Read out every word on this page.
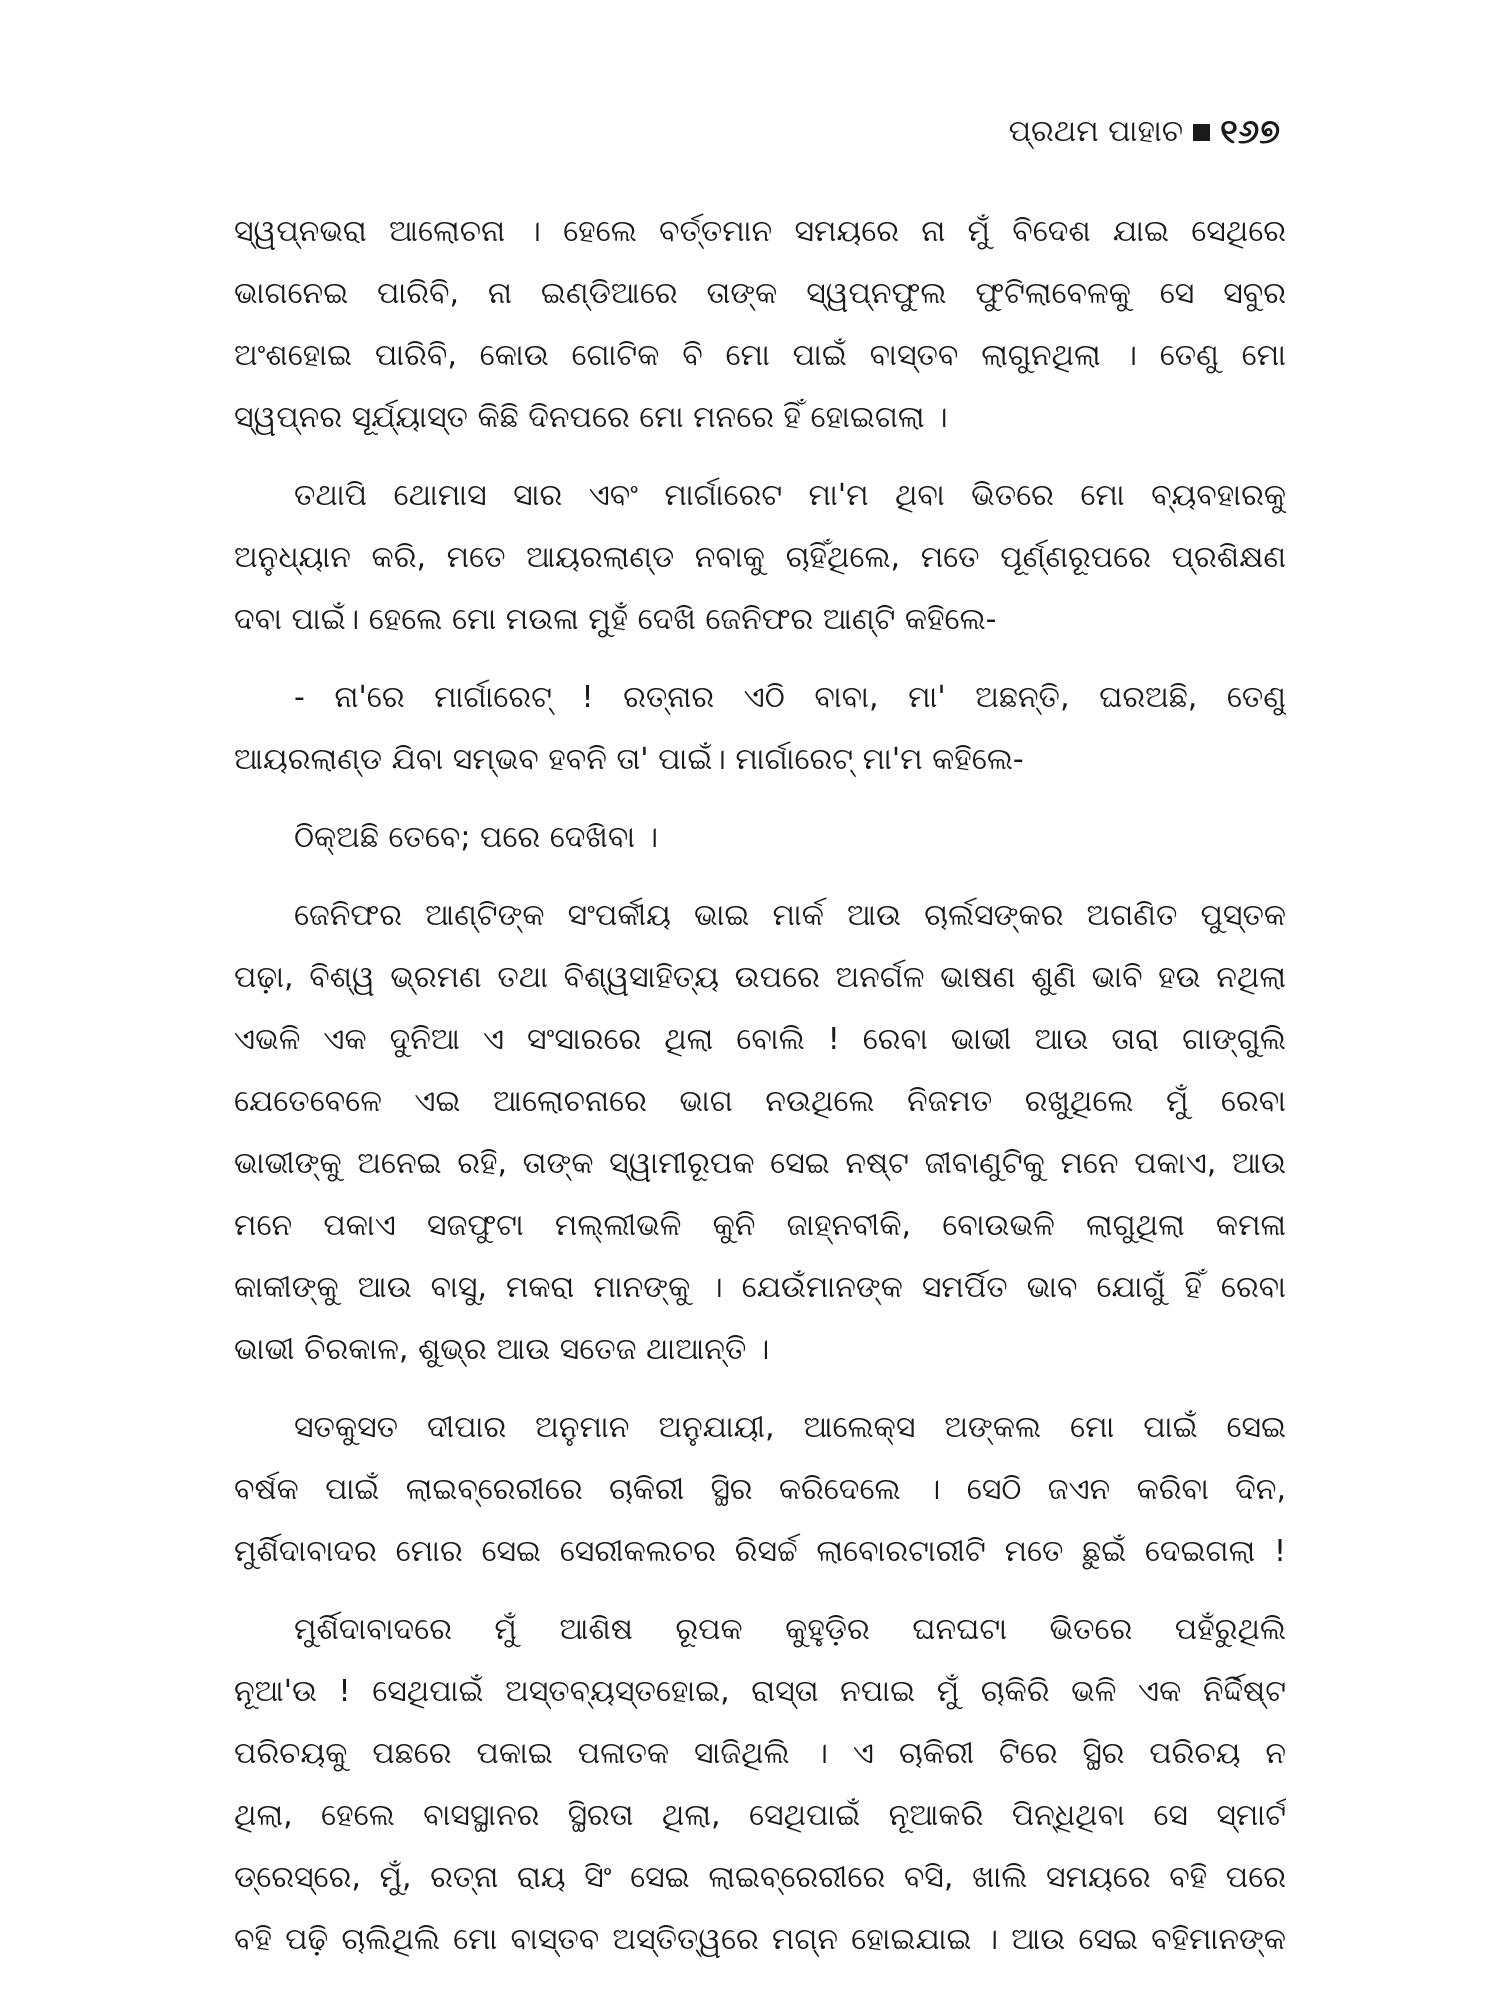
ପ୍ରଥମ ପାହାଚ ୧୬୭
ସ୍ୱପ୍ନଭରା ଆଲୋଚନା । ହେଲେ ବର୍ତ୍ତମାନ ସମୟରେ ନା ମୁଁ ବିଦେଶ ଯାଇ ସେଥିରେ
ଭାଗନେଇ ପାରିବି, ନା ଇଣ୍ଡିଆରେ ତାଙ୍କ ସ୍ୱପ୍ନଫୁଲ ଫୁଟିଲାବେଳକୁ ସେ ସବୁର
ଅଂଶହୋଇ ପାରିବି, କୋଉ ଗୋଟିକ ବି ମୋ ପାଇଁ ବାସ୍ତବ ଲାଗୁନଥିଲା । ତେଣୁ ମୋ
ସ୍ୱପ୍ନର ସୂର୍ଯ୍ୟାସ୍ତ କିଛି ଦିନପରେ ମୋ ମନରେ ହିଁ ହୋଇଗଲା ।
ତଥାପି ଥୋମାସ ସାର ଏବଂ ମାର୍ଗାରେଟ ମା'ମ ଥିବା ଭିତରେ ମୋ ବ୍ୟବହାରକୁ
ଅନୁଧ୍ୟାନ କରି, ମତେ ଆୟରଲାଣ୍ଡ ନବାକୁ ଚାହିଁଥିଲେ, ମତେ ପୂର୍ଣ୍ଣରୂପରେ ପ୍ରଶିକ୍ଷଣ
ଦବା ପାଇଁ। ହେଲେ ମୋ ମଉଳା ମୁହଁ ଦେଖି ଜେନିଫର ଆଣ୍ଟି କହିଲେ-
- ନା'ରେ ମାର୍ଗାରେଟ୍ ! ରତ୍ନାର ଏଠି ବାବା, ମା' ଅଛନ୍ତି, ଘରଅଛି, ତେଣୁ
ଆୟରଲାଣ୍ଡ ଯିବା ସମ୍ଭବ ହବନି ତା' ପାଇଁ। ମାର୍ଗାରେଟ୍ ମା'ମ କହିଲେ-
ଠିକ୍ଅଛି ତେବେ; ପରେ ଦେଖିବା ।
ଜେନିଫର ଆଣ୍ଟିଙ୍କ ସଂପର୍କୀୟ ଭାଇ ମାର୍କ ଆଉ ଚାର୍ଲସଙ୍କର ଅଗଣିତ ପୁସ୍ତକ
ପଢ଼ା, ବିଶ୍ୱ ଭ୍ରମଣ ତଥା ବିଶ୍ୱସାହିତ୍ୟ ଉପରେ ଅନର୍ଗଳ ଭାଷଣ ଶୁଣି ଭାବି ହଉ ନଥିଲା
ଏଭଳି ଏକ ଦୁନିଆ ଏ ସଂସାରରେ ଥିଲା ବୋଲି ! ରେବା ଭାଭୀ ଆଉ ତାରା ଗାଙ୍ଗୁଲି
ଯେତେବେଳେ ଏଇ ଆଲୋଚନାରେ ଭାଗ ନଉଥିଲେ ନିଜମତ ରଖୁଥିଲେ ମୁଁ ରେବା
ଭାଭୀଙ୍କୁ ଅନେଇ ରହି, ତାଙ୍କ ସ୍ୱାମୀରୂପକ ସେଇ ନଷ୍ଟ ଜୀବାଣୁଟିକୁ ମନେ ପକାଏ, ଆଉ
ମନେ ପକାଏ ସଜଫୁଟା ମଲ୍ଲୀଭଳି କୁନି ଜାହ୍ନବୀକି, ବୋଉଭଳି ଲାଗୁଥିଲା କମଳା
କାକୀଙ୍କୁ ଆଉ ବାସୁ, ମକରା ମାନଙ୍କୁ । ଯେଉଁମାନଙ୍କ ସମର୍ପିତ ଭାବ ଯୋଗୁଁ ହିଁ ରେବା
ଭାଭୀ ଚିରକାଳ, ଶୁଭ୍ର ଆଉ ସତେଜ ଥାଆନ୍ତି ।
ସତକୁସତ ଦୀପାର ଅନୁମାନ ଅନୁଯାୟୀ, ଆଲେକ୍ସ ଅଙ୍କଲ ମୋ ପାଇଁ ସେଇ
ବର୍ଷକ ପାଇଁ ଲାଇବ୍ରେରୀରେ ଚାକିରୀ ସ୍ଥିର କରିଦେଲେ । ସେଠି ଜଏନ କରିବା ଦିନ,
ମୁର୍ଶିଦାବାଦର ମୋର ସେଇ ସେରୀକଲଚର ରିସର୍ଚ୍ଚ ଲାବୋରଟାରୀଟି ମତେ ଛୁଇଁ ଦେଇଗଲା !
ମୁର୍ଶିଦାବାଦରେ ମୁଁ ଆଶିଷ ରୂପକ କୁହୁଡ଼ିର ଘନଘଟା ଭିତରେ ପହଁରୁଥିଲି
ନୂଆ'ଉ ! ସେଥିପାଇଁ ଅସ୍ତବ୍ୟସ୍ତହୋଇ, ରାସ୍ତା ନପାଇ ମୁଁ ଚାକିରି ଭଳି ଏକ ନିର୍ଦ୍ଦିଷ୍ଟ
ପରିଚୟକୁ ପଛରେ ପକାଇ ପଳାତକ ସାଜିଥିଲି । ଏ ଚାକିରୀ ଟିରେ ସ୍ଥିର ପରିଚୟ ନ
ଥିଲା, ହେଲେ ବାସସ୍ଥାନର ସ୍ଥିରତା ଥିଲା, ସେଥିପାଇଁ ନୂଆକରି ପିନ୍ଧିଥିବା ସେ ସ୍ମାର୍ଟ
ଡ୍ରେସ୍‌ରେ, ମୁଁ, ରତ୍ନା ରାୟ ସିଂ ସେଇ ଲାଇବ୍ରେରୀରେ ବସି, ଖାଲି ସମୟରେ ବହି ପରେ
ବହି ପଢ଼ି ଚାଲିଥିଲି ମୋ ବାସ୍ତବ ଅସ୍ତିତ୍ୱରେ ମଗ୍ନ ହୋଇଯାଇ । ଆଉ ସେଇ ବହିମାନଙ୍କ
